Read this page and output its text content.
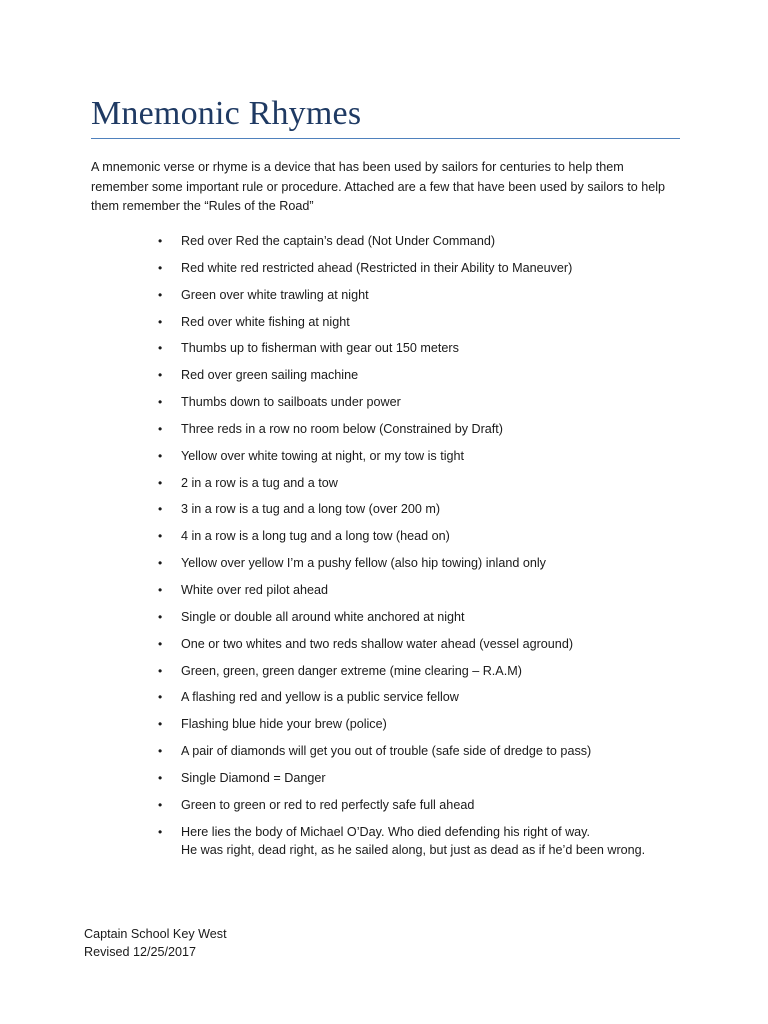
Mnemonic Rhymes

A mnemonic verse or rhyme is a device that has been used by sailors for centuries to help them
remember some important rule or procedure. Attached are a few that have been used by sailors to help
them remember the “Rules of the Road”

• Red over Red the captain’s dead (Not Under Command)
• Red white red restricted ahead (Restricted in their Ability to Maneuver)
• Green over white trawling at night
• Red over white fishing at night
• Thumbs up to fisherman with gear out 150 meters
• Red over green sailing machine
• Thumbs down to sailboats under power
• Three reds in a row no room below (Constrained by Draft)
• Yellow over white towing at night, or my tow is tight
• 2 in a row is a tug and a tow
• 3 in a row is a tug and a long tow (over 200 m)
• 4 in a row is a long tug and a long tow (head on)
• Yellow over yellow I’m a pushy fellow (also hip towing) inland only
• White over red pilot ahead
• Single or double all around white anchored at night
• One or two whites and two reds shallow water ahead (vessel aground)
• Green, green, green danger extreme (mine clearing – R.A.M)
• A flashing red and yellow is a public service fellow
• Flashing blue hide your brew (police)
• A pair of diamonds will get you out of trouble (safe side of dredge to pass)
• Single Diamond = Danger
• Green to green or red to red perfectly safe full ahead
• Here lies the body of Michael O’Day. Who died defending his right of way.
He was right, dead right, as he sailed along, but just as dead as if he’d been wrong.
Captain School Key West
Revised 12/25/2017
